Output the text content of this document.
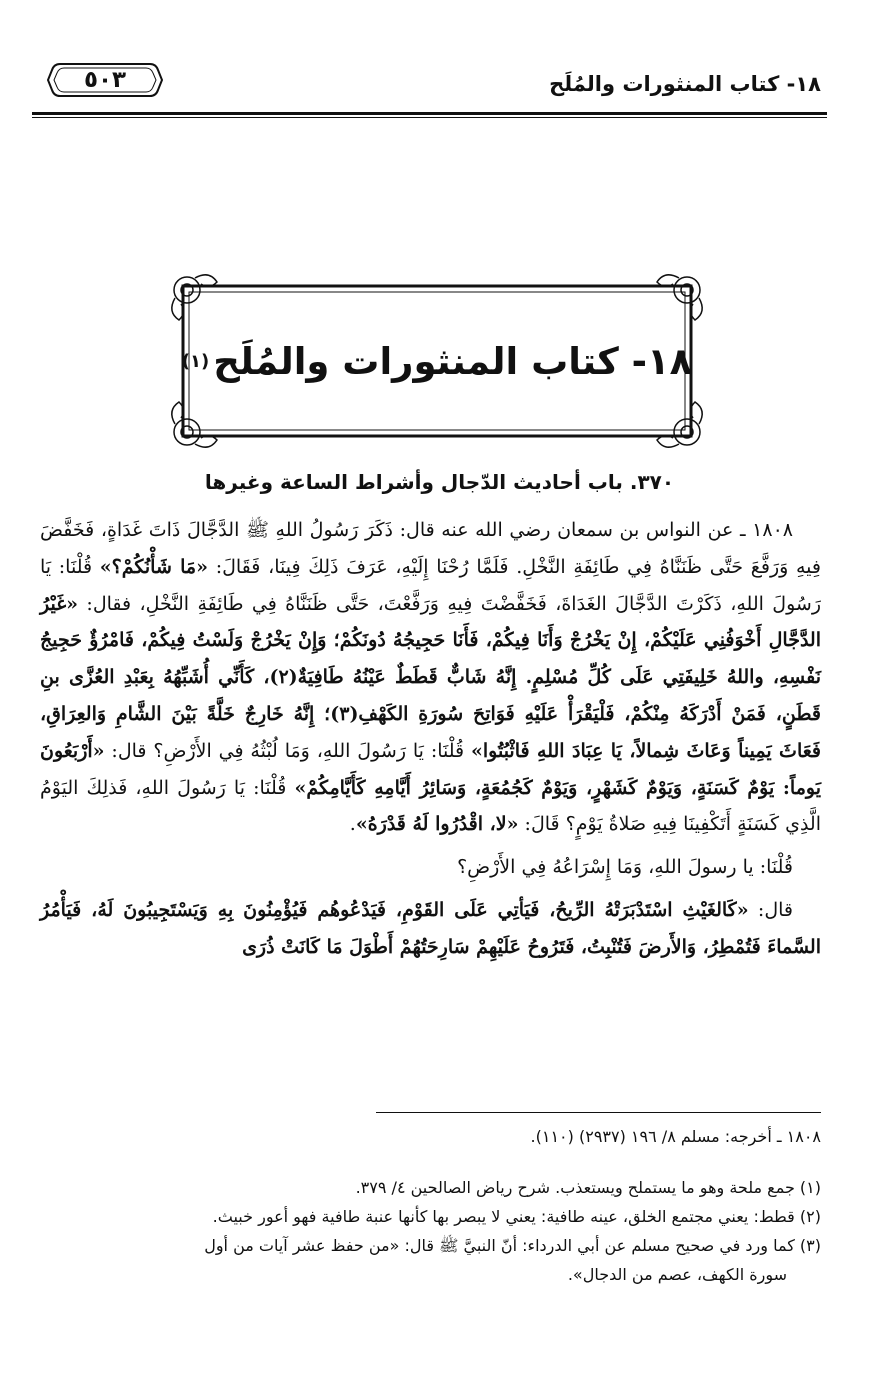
١٨- كتاب المنثورات والمُلَح
٥٠٣
١٨- كتاب المنثورات والمُلَح
(١)
٣٧٠. باب أحاديث الدّجال وأشراط الساعة وغيرها

١٨٠٨ ـ عن النواس بن سمعان رضي الله عنه قال: ذَكَرَ رَسُولُ اللهِ ﷺ الدَّجَّالَ ذَاتَ غَدَاةٍ، فَخَفَّضَ فِيهِ وَرَفَّعَ حَتَّى ظَنَنَّاهُ فِي طَائِفَةِ النَّخْلِ. فَلَمَّا رُحْنَا إِلَيْهِ، عَرَفَ ذَلِكَ فِينَا، فَقَالَ: «مَا شَأْنُكُمْ؟» قُلْنَا: يَا رَسُولَ اللهِ، ذَكَرْتَ الدَّجَّالَ الغَدَاةَ، فَخَفَّضْتَ فِيهِ وَرَفَّعْتَ، حَتَّى ظَنَنَّاهُ فِي طَائِفَةِ النَّخْلِ، فقال: «غَيْرُ الدَّجَّالِ أَخْوَفُنِي عَلَيْكُمْ، إِنْ يَخْرُجْ وَأَنَا فِيكُمْ، فَأَنَا حَجِيجُهُ دُونَكُمْ؛ وَإِنْ يَخْرُجْ وَلَسْتُ فِيكُمْ، فَامْرُؤٌ حَجِيجُ نَفْسِهِ، واللهُ خَلِيفَتِي عَلَى كُلِّ مُسْلِمٍ. إِنَّهُ شَابٌّ قَطَطٌ عَيْنُهُ طَافِيَةٌ(٢)، كَأَنِّي أُشَبِّهُهُ بِعَبْدِ العُزَّى بنِ قَطَنٍ، فَمَنْ أَدْرَكَهُ مِنْكُمْ، فَلْيَقْرَأْ عَلَيْهِ فَوَاتِحَ سُورَةِ الكَهْفِ(٣)؛ إِنَّهُ خَارِجٌ خَلَّةً بَيْنَ الشَّامِ وَالعِرَاقِ، فَعَاثَ يَمِيناً وَعَاثَ شِمالاً، يَا عِبَادَ اللهِ فَاثْبُتُوا» قُلْنَا: يَا رَسُولَ اللهِ، وَمَا لُبْثُهُ فِي الأَرْضِ؟ قال: «أَرْبَعُونَ يَوماً: يَوْمٌ كَسَنَةٍ، وَيَوْمٌ كَشَهْرٍ، وَيَوْمٌ كَجُمُعَةٍ، وَسَائِرُ أَيَّامِهِ كَأَيَّامِكُمْ» قُلْنَا: يَا رَسُولَ اللهِ، فَذلِكَ اليَوْمُ الَّذِي كَسَنَةٍ أَتَكْفِينَا فِيهِ صَلاةُ يَوْمٍ؟ قَالَ: «لا، اقْدُرُوا لَهُ قَدْرَهُ».

قُلْنَا: يا رسولَ اللهِ، وَمَا إِسْرَاعُهُ فِي الأَرْضِ؟

قال: «كَالغَيْثِ اسْتَدْبَرَتْهُ الرِّيحُ، فَيَأتِي عَلَى القَوْمِ، فَيَدْعُوهُم فَيُؤْمِنُونَ بِهِ وَيَسْتَجِيبُونَ لَهُ، فَيَأْمُرُ السَّماءَ فَتُمْطِرُ، وَالأَرضَ فَتُنْبِتُ، فَتَرُوحُ عَلَيْهِمْ سَارِحَتُهُمْ أَطْوَلَ مَا كَانَتْ ذُرَى

١٨٠٨ ـ أخرجه: مسلم ٨/ ١٩٦ (٢٩٣٧) (١١٠).

(١) جمع ملحة وهو ما يستملح ويستعذب. شرح رياض الصالحين ٤/ ٣٧٩.

(٢) قطط: يعني مجتمع الخلق، عينه طافية: يعني لا يبصر بها كأنها عنبة طافية فهو أعور خبيث.

(٣) كما ورد في صحيح مسلم عن أبي الدرداء: أنّ النبيَّ ﷺ قال: «من حفظ عشر آيات من أول

سورة الكهف، عصم من الدجال».
